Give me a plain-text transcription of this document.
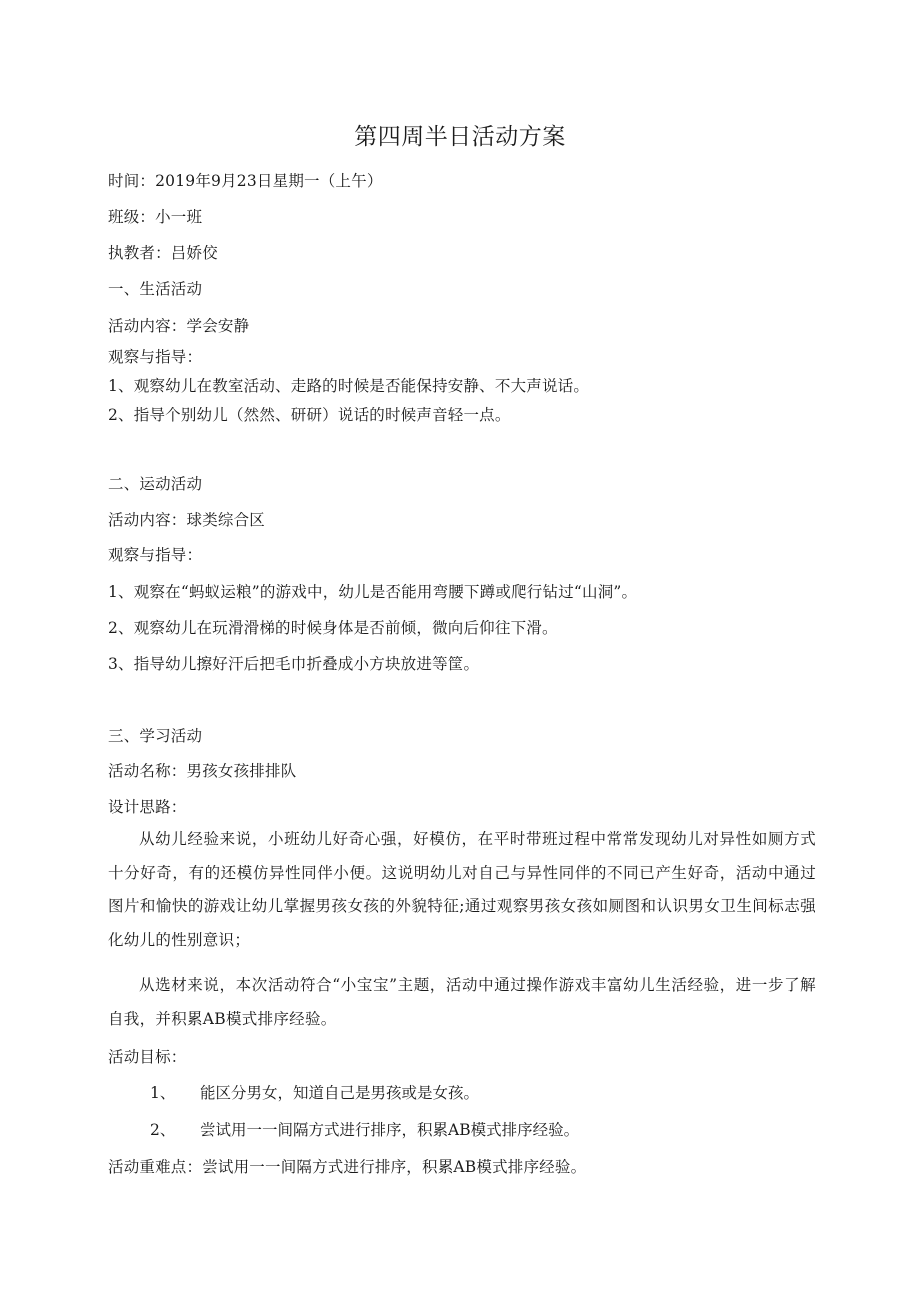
第四周半日活动方案
时间：2019年9月23日星期一（上午）
班级：小一班
执教者：吕娇佼
一、生活活动
活动内容：学会安静
观察与指导：
1、观察幼儿在教室活动、走路的时候是否能保持安静、不大声说话。
2、指导个别幼儿（然然、研研）说话的时候声音轻一点。
二、运动活动
活动内容：球类综合区
观察与指导：
1、观察在“蚂蚁运粮”的游戏中，幼儿是否能用弯腰下蹲或爬行钻过“山洞”。
2、观察幼儿在玩滑滑梯的时候身体是否前倾，微向后仰往下滑。
3、指导幼儿擦好汗后把毛巾折叠成小方块放进等筐。
三、学习活动
活动名称：男孩女孩排排队
设计思路：
从幼儿经验来说，小班幼儿好奇心强，好模仿，在平时带班过程中常常发现幼儿对异性如厕方式十分好奇，有的还模仿异性同伴小便。这说明幼儿对自己与异性同伴的不同已产生好奇，活动中通过图片和愉快的游戏让幼儿掌握男孩女孩的外貌特征;通过观察男孩女孩如厕图和认识男女卫生间标志强化幼儿的性别意识；
从选材来说，本次活动符合“小宝宝”主题，活动中通过操作游戏丰富幼儿生活经验，进一步了解自我，并积累AB模式排序经验。
活动目标：
1、 能区分男女，知道自己是男孩或是女孩。
2、 尝试用一一间隔方式进行排序，积累AB模式排序经验。
活动重难点：尝试用一一间隔方式进行排序，积累AB模式排序经验。
